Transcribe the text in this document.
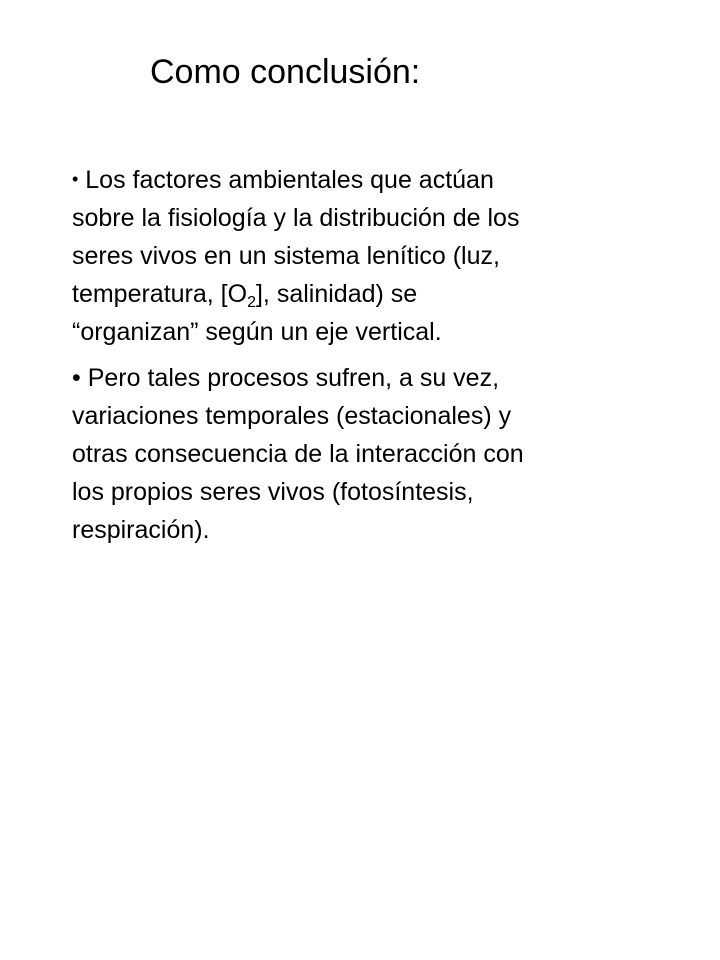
Como conclusión:

• Los factores ambientales que actúan
sobre la fisiología y la distribución de los
seres vivos en un sistema lenítico (luz,
temperatura, $[O_2]$, salinidad) se
“organizan” según un eje vertical.

• Pero tales procesos sufren, a su vez,
variaciones temporales (estacionales) y
otras consecuencia de la interacción con
los propios seres vivos (fotosíntesis,
respiración).
